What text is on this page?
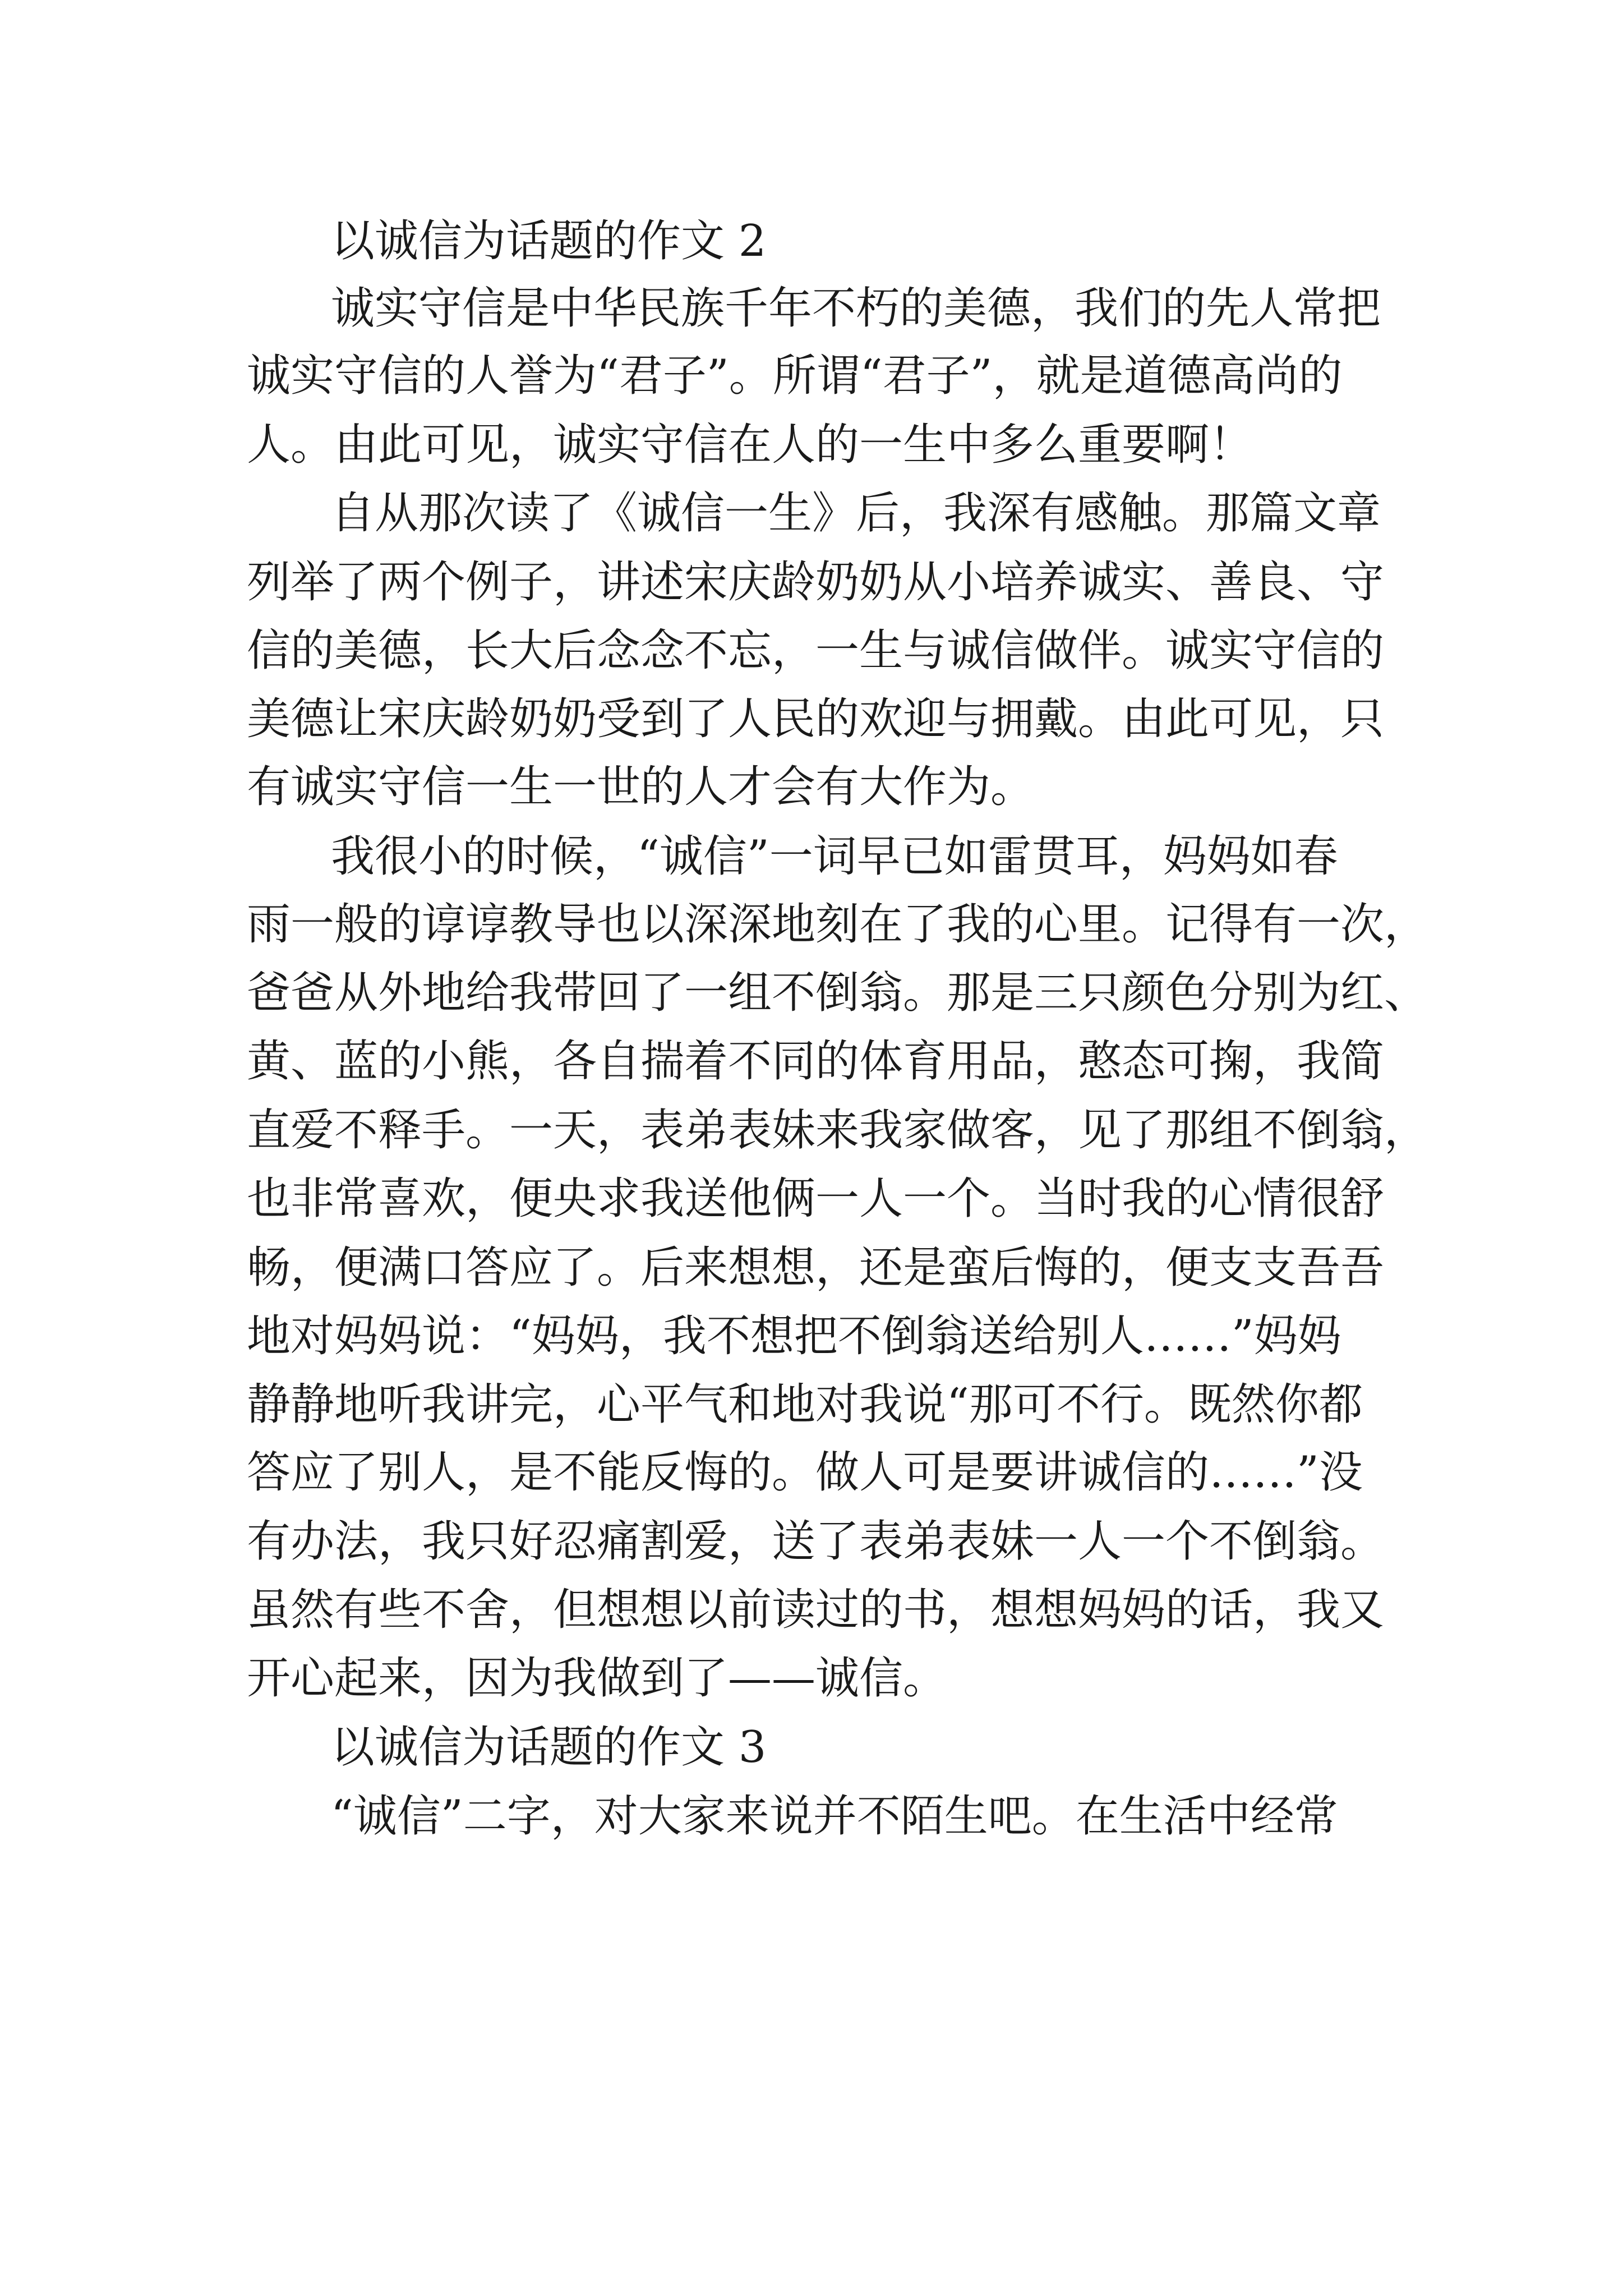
以诚信为话题的作文 2
诚实守信是中华民族千年不朽的美德，我们的先人常把
诚实守信的人誉为“君子”。所谓“君子”，就是道德高尚的
人。由此可见，诚实守信在人的一生中多么重要啊！
自从那次读了《诚信一生》后，我深有感触。那篇文章
列举了两个例子，讲述宋庆龄奶奶从小培养诚实、善良、守
信的美德，长大后念念不忘，一生与诚信做伴。诚实守信的
美德让宋庆龄奶奶受到了人民的欢迎与拥戴。由此可见，只
有诚实守信一生一世的人才会有大作为。
我很小的时候，“诚信”一词早已如雷贯耳，妈妈如春
雨一般的谆谆教导也以深深地刻在了我的心里。记得有一次，
爸爸从外地给我带回了一组不倒翁。那是三只颜色分别为红、
黄、蓝的小熊，各自揣着不同的体育用品，憨态可掬，我简
直爱不释手。一天，表弟表妹来我家做客，见了那组不倒翁，
也非常喜欢，便央求我送他俩一人一个。当时我的心情很舒
畅，便满口答应了。后来想想，还是蛮后悔的，便支支吾吾
地对妈妈说：“妈妈，我不想把不倒翁送给别人……”妈妈
静静地听我讲完，心平气和地对我说“那可不行。既然你都
答应了别人，是不能反悔的。做人可是要讲诚信的……”没
有办法，我只好忍痛割爱，送了表弟表妹一人一个不倒翁。
虽然有些不舍，但想想以前读过的书，想想妈妈的话，我又
开心起来，因为我做到了——诚信。
以诚信为话题的作文 3
“诚信”二字，对大家来说并不陌生吧。在生活中经常
